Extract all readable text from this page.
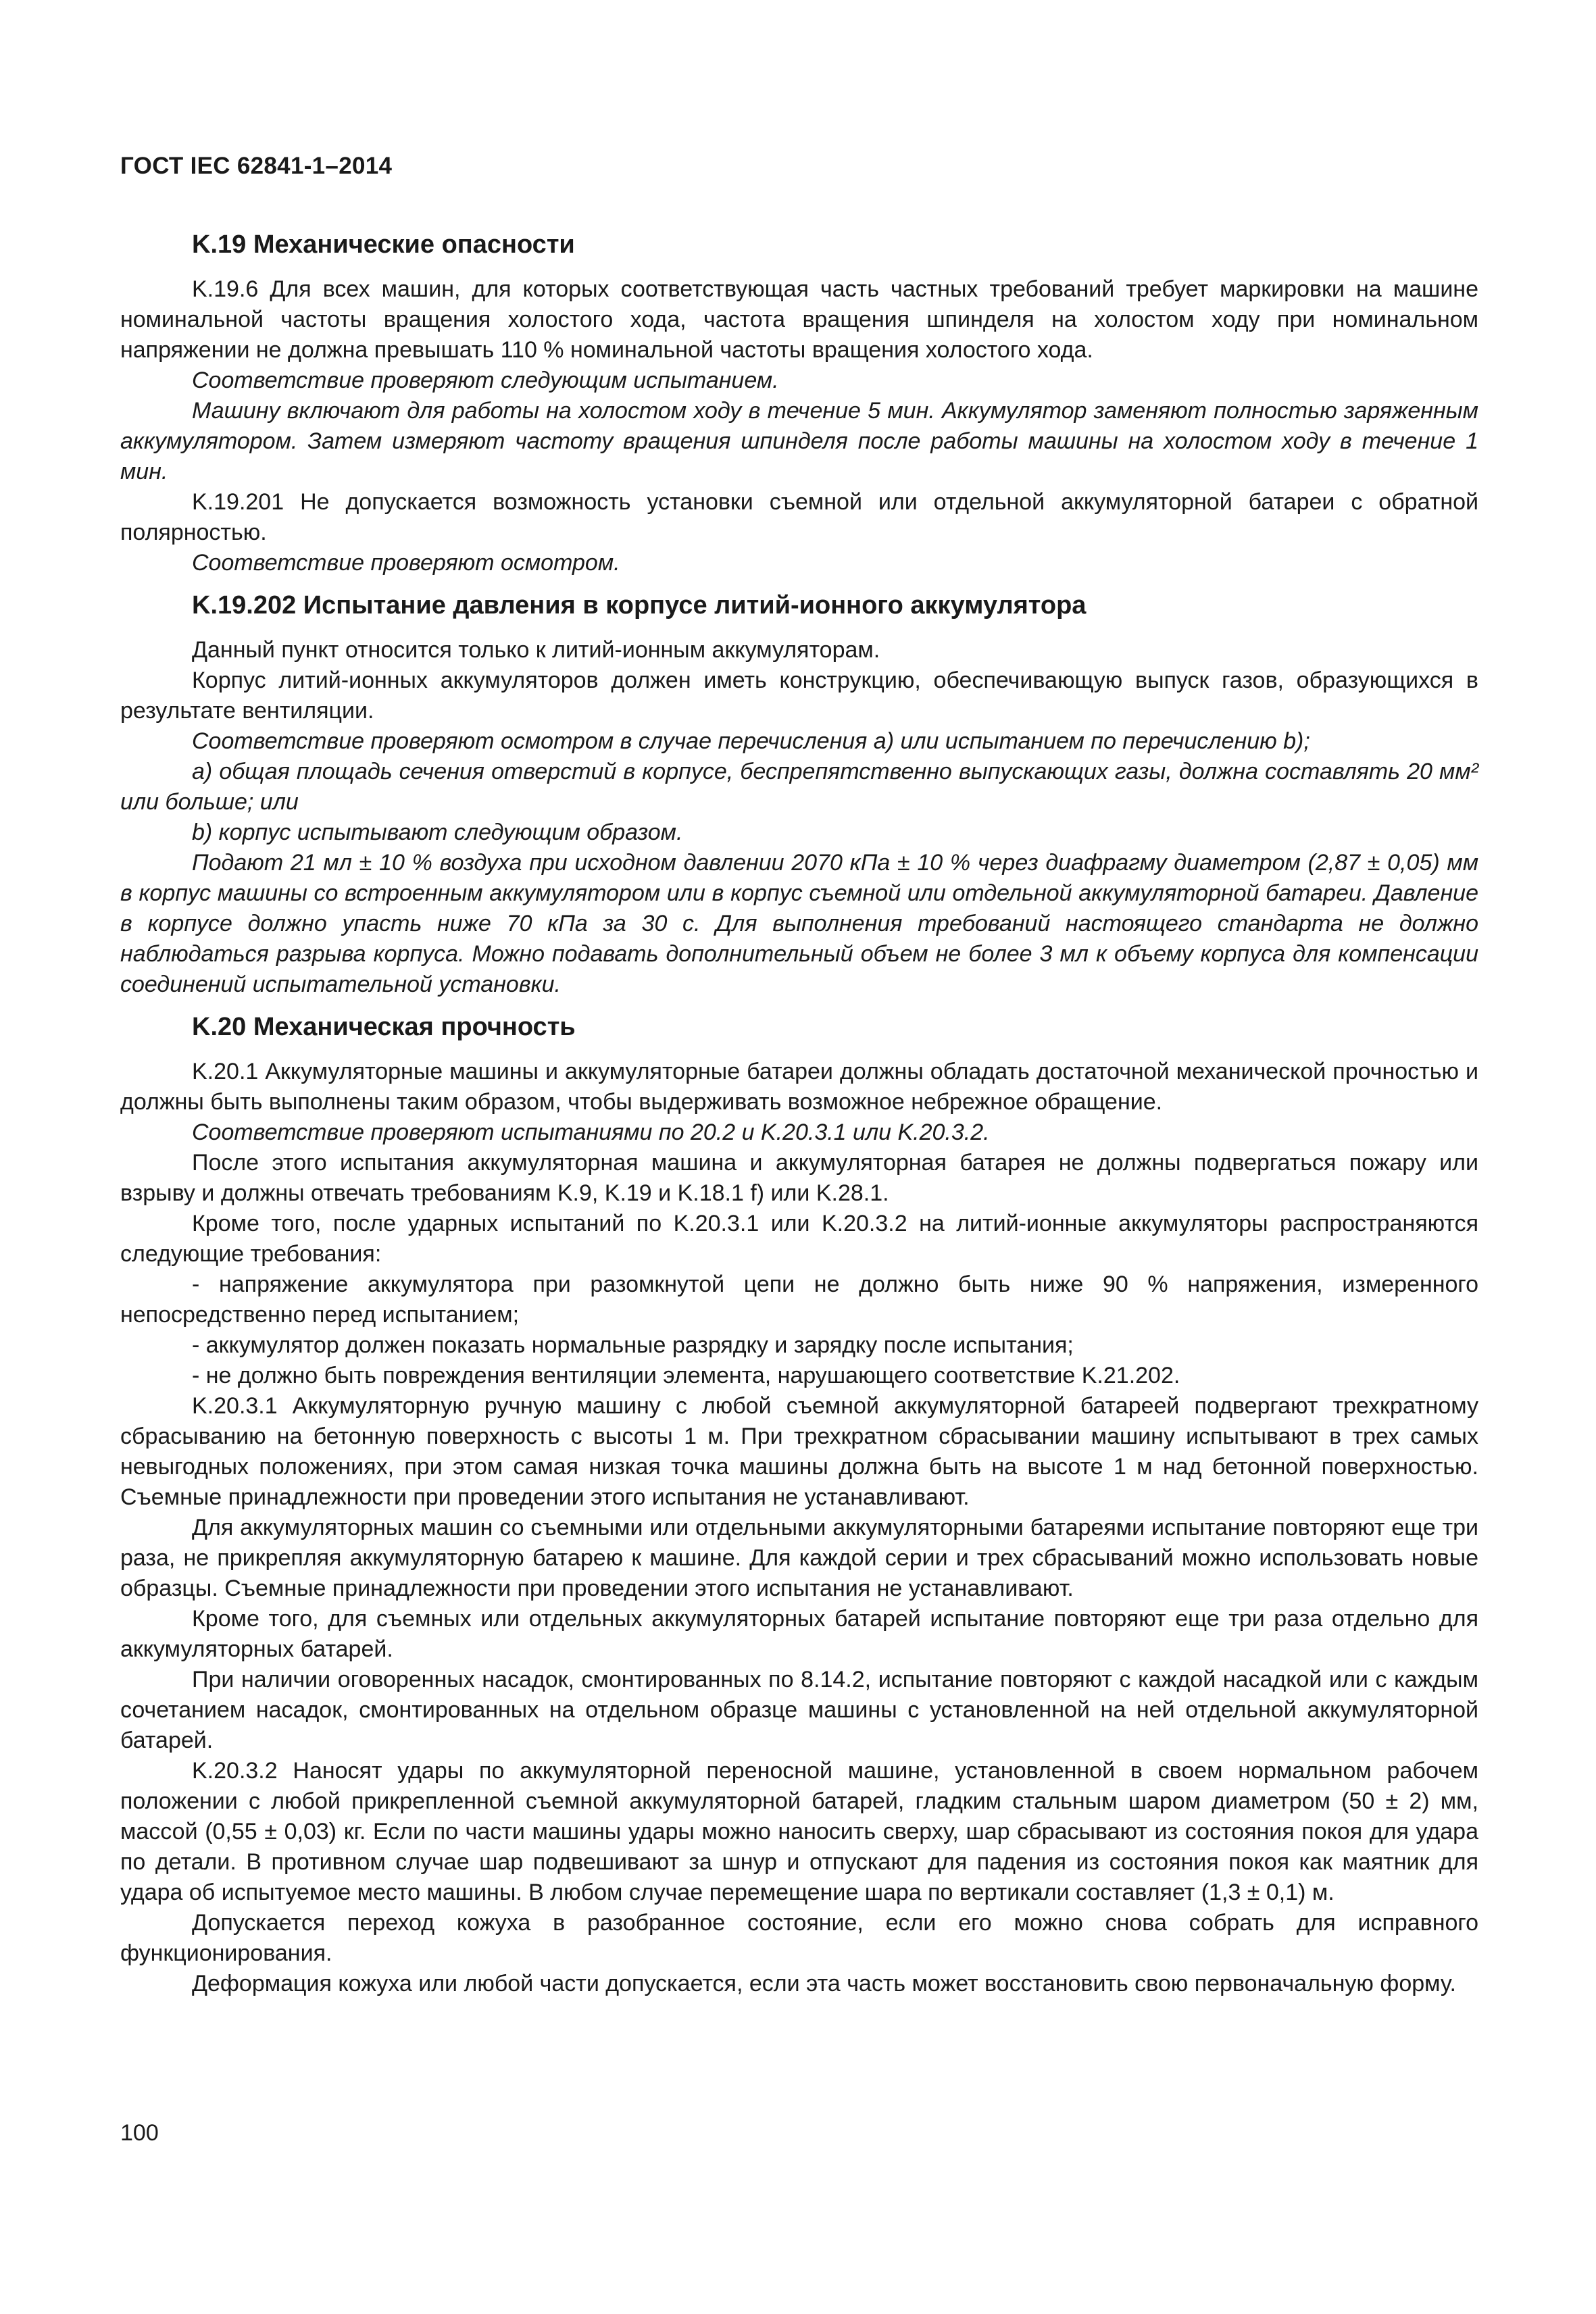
ГОСТ IEC 62841-1–2014
K.19 Механические опасности

K.19.6 Для всех машин, для которых соответствующая часть частных требований требует маркировки на машине номинальной частоты вращения холостого хода, частота вращения шпинделя на холостом ходу при номинальном напряжении не должна превышать 110 % номинальной частоты вращения холостого хода.

Соответствие проверяют следующим испытанием.

Машину включают для работы на холостом ходу в течение 5 мин. Аккумулятор заменяют полностью заряженным аккумулятором. Затем измеряют частоту вращения шпинделя после работы машины на холостом ходу в течение 1 мин.

K.19.201 Не допускается возможность установки съемной или отдельной аккумуляторной батареи с обратной полярностью.

Соответствие проверяют осмотром.

K.19.202 Испытание давления в корпусе литий-ионного аккумулятора

Данный пункт относится только к литий-ионным аккумуляторам.

Корпус литий-ионных аккумуляторов должен иметь конструкцию, обеспечивающую выпуск газов, образующихся в результате вентиляции.

Соответствие проверяют осмотром в случае перечисления a) или испытанием по перечислению b);

a) общая площадь сечения отверстий в корпусе, беспрепятственно выпускающих газы, должна составлять 20 мм² или больше; или

b) корпус испытывают следующим образом.

Подают 21 мл ± 10 % воздуха при исходном давлении 2070 кПа ± 10 % через диафрагму диаметром (2,87 ± 0,05) мм в корпус машины со встроенным аккумулятором или в корпус съемной или отдельной аккумуляторной батареи. Давление в корпусе должно упасть ниже 70 кПа за 30 с. Для выполнения требований настоящего стандарта не должно наблюдаться разрыва корпуса. Можно подавать дополнительный объем не более 3 мл к объему корпуса для компенсации соединений испытательной установки.

K.20 Механическая прочность

K.20.1 Аккумуляторные машины и аккумуляторные батареи должны обладать достаточной механической прочностью и должны быть выполнены таким образом, чтобы выдерживать возможное небрежное обращение.

Соответствие проверяют испытаниями по 20.2 и K.20.3.1 или K.20.3.2.

После этого испытания аккумуляторная машина и аккумуляторная батарея не должны подвергаться пожару или взрыву и должны отвечать требованиям K.9, K.19 и K.18.1 f) или K.28.1.

Кроме того, после ударных испытаний по K.20.3.1 или K.20.3.2 на литий-ионные аккумуляторы распространяются следующие требования:

- напряжение аккумулятора при разомкнутой цепи не должно быть ниже 90 % напряжения, измеренного непосредственно перед испытанием;

- аккумулятор должен показать нормальные разрядку и зарядку после испытания;

- не должно быть повреждения вентиляции элемента, нарушающего соответствие K.21.202.

K.20.3.1 Аккумуляторную ручную машину с любой съемной аккумуляторной батареей подвергают трехкратному сбрасыванию на бетонную поверхность с высоты 1 м. При трехкратном сбрасывании машину испытывают в трех самых невыгодных положениях, при этом самая низкая точка машины должна быть на высоте 1 м над бетонной поверхностью. Съемные принадлежности при проведении этого испытания не устанавливают.

Для аккумуляторных машин со съемными или отдельными аккумуляторными батареями испытание повторяют еще три раза, не прикрепляя аккумуляторную батарею к машине. Для каждой серии и трех сбрасываний можно использовать новые образцы. Съемные принадлежности при проведении этого испытания не устанавливают.

Кроме того, для съемных или отдельных аккумуляторных батарей испытание повторяют еще три раза отдельно для аккумуляторных батарей.

При наличии оговоренных насадок, смонтированных по 8.14.2, испытание повторяют с каждой насадкой или с каждым сочетанием насадок, смонтированных на отдельном образце машины с установленной на ней отдельной аккумуляторной батарей.

K.20.3.2 Наносят удары по аккумуляторной переносной машине, установленной в своем нормальном рабочем положении с любой прикрепленной съемной аккумуляторной батарей, гладким стальным шаром диаметром (50 ± 2) мм, массой (0,55 ± 0,03) кг. Если по части машины удары можно наносить сверху, шар сбрасывают из состояния покоя для удара по детали. В противном случае шар подвешивают за шнур и отпускают для падения из состояния покоя как маятник для удара об испытуемое место машины. В любом случае перемещение шара по вертикали составляет (1,3 ± 0,1) м.

Допускается переход кожуха в разобранное состояние, если его можно снова собрать для исправного функционирования.

Деформация кожуха или любой части допускается, если эта часть может восстановить свою первоначальную форму.

100
